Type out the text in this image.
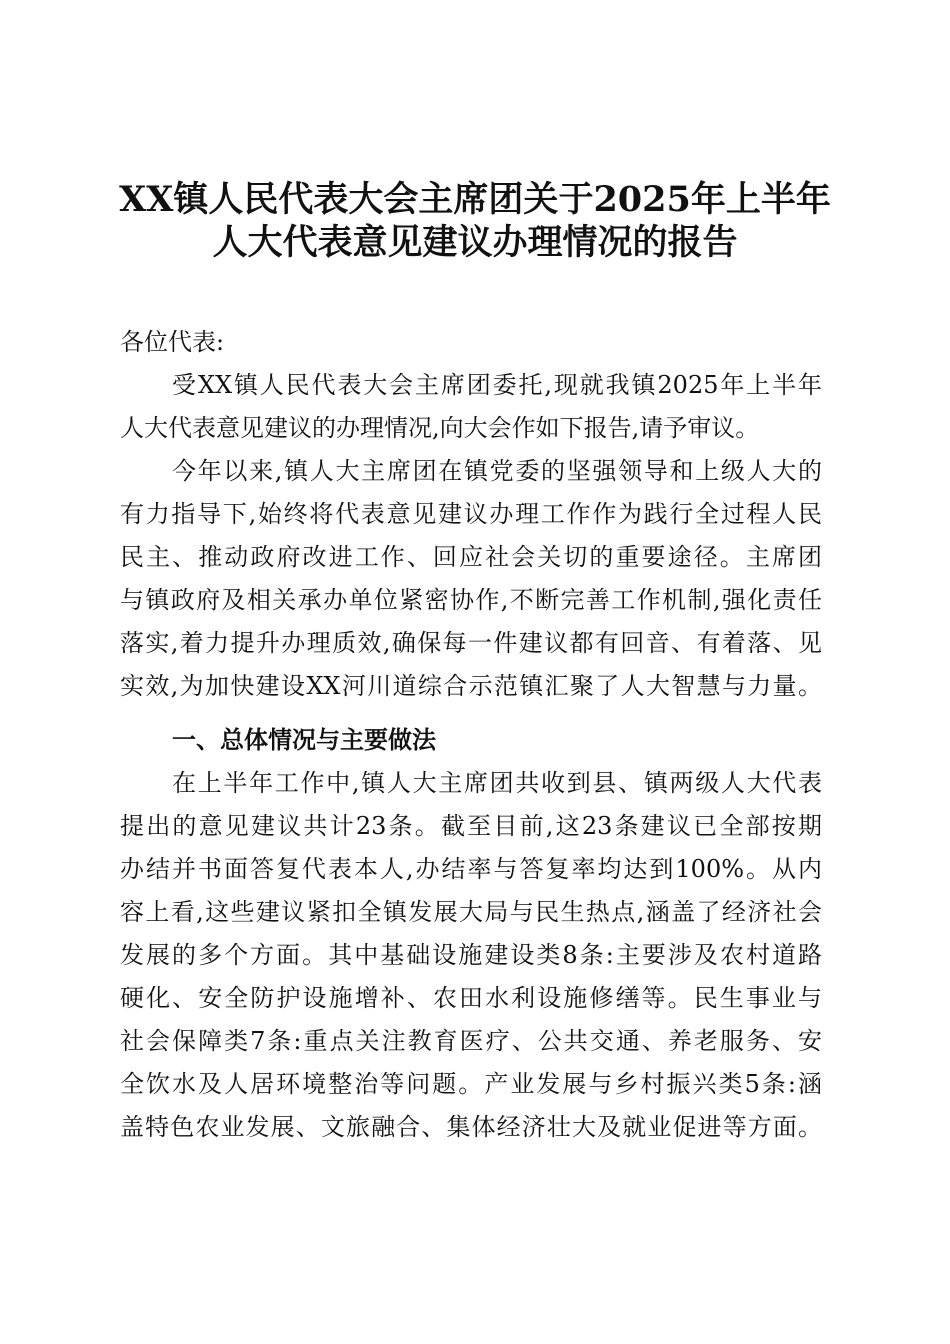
XX镇人民代表大会主席团关于2025年上半年
人大代表意见建议办理情况的报告

各位代表:

受XX镇人民代表大会主席团委托,现就我镇2025年上半年

人大代表意见建议的办理情况,向大会作如下报告,请予审议。

今年以来,镇人大主席团在镇党委的坚强领导和上级人大的

有力指导下,始终将代表意见建议办理工作作为践行全过程人民

民主、推动政府改进工作、回应社会关切的重要途径。主席团

与镇政府及相关承办单位紧密协作,不断完善工作机制,强化责任

落实,着力提升办理质效,确保每一件建议都有回音、有着落、见

实效,为加快建设XX河川道综合示范镇汇聚了人大智慧与力量。

一、总体情况与主要做法

在上半年工作中,镇人大主席团共收到县、镇两级人大代表

提出的意见建议共计23条。截至目前,这23条建议已全部按期

办结并书面答复代表本人,办结率与答复率均达到100%。从内

容上看,这些建议紧扣全镇发展大局与民生热点,涵盖了经济社会

发展的多个方面。其中基础设施建设类8条:主要涉及农村道路

硬化、安全防护设施增补、农田水利设施修缮等。民生事业与

社会保障类7条:重点关注教育医疗、公共交通、养老服务、安

全饮水及人居环境整治等问题。产业发展与乡村振兴类5条:涵

盖特色农业发展、文旅融合、集体经济壮大及就业促进等方面。
